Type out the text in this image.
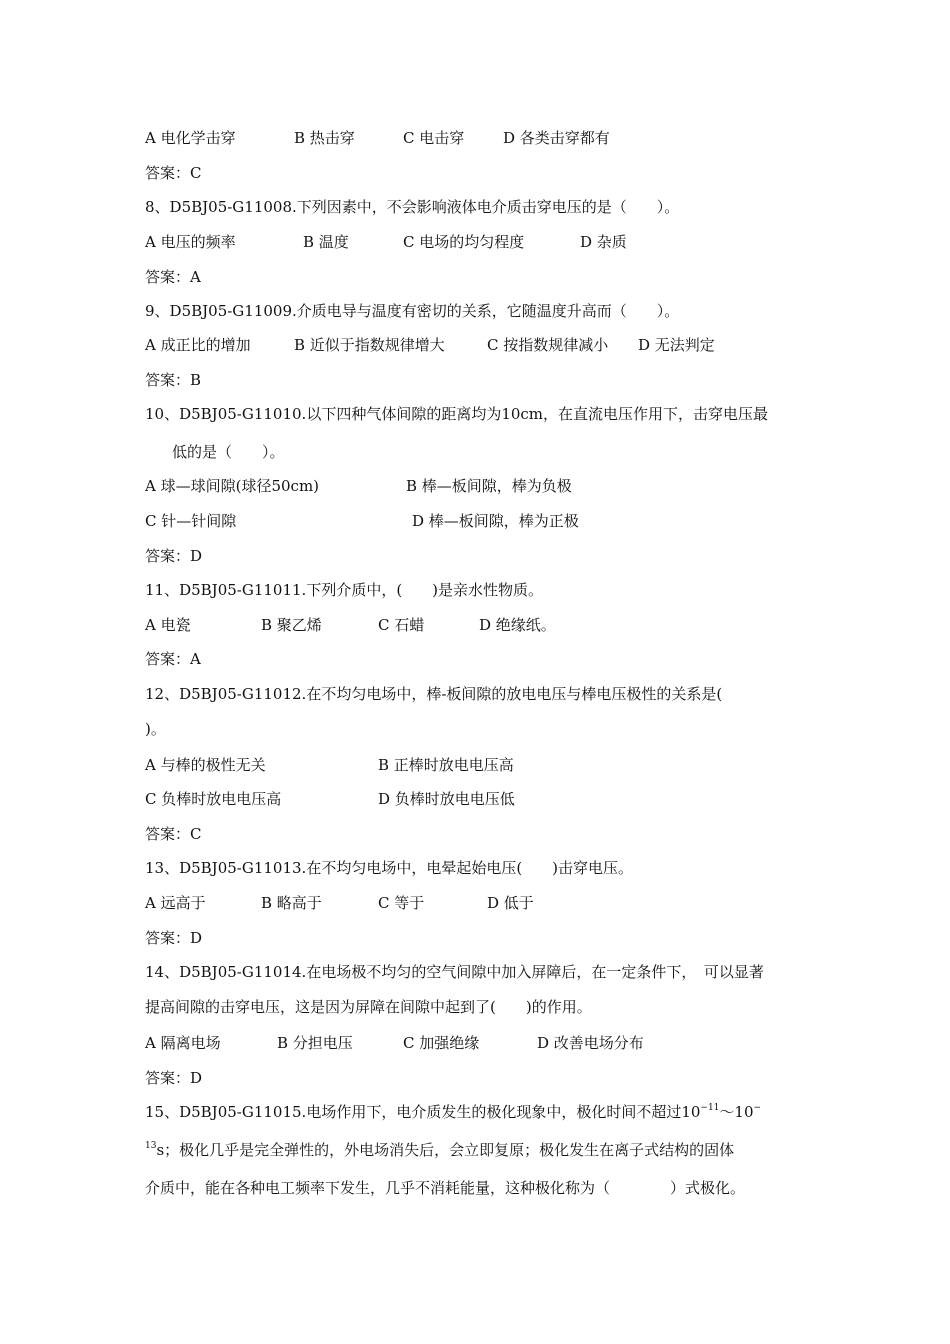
A 电化学击穿	B 热击穿	C 电击穿	D 各类击穿都有
答案：C
8、D5BJ05-G11008.下列因素中，不会影响液体电介质击穿电压的是（　　）。
A 电压的频率	B 温度	C 电场的均匀程度	D 杂质
答案：A
9、D5BJ05-G11009.介质电导与温度有密切的关系，它随温度升高而（　　）。
A 成正比的增加	B 近似于指数规律增大	C 按指数规律减小 D 无法判定
答案：B
10、D5BJ05-G11010.以下四种气体间隙的距离均为10cm，在直流电压作用下，击穿电压最
低的是（　　）。
A 球—球间隙(球径50cm)	B 棒—板间隙，棒为负极
C 针—针间隙	D 棒—板间隙，棒为正极
答案：D
11、D5BJ05-G11011.下列介质中，(　　)是亲水性物质。
A 电瓷	B 聚乙烯	C 石蜡	D 绝缘纸。
答案：A
12、D5BJ05-G11012.在不均匀电场中，棒-板间隙的放电电压与棒电压极性的关系是(
)。
A 与棒的极性无关	B 正棒时放电电压高
C 负棒时放电电压高	D 负棒时放电电压低
答案：C
13、D5BJ05-G11013.在不均匀电场中，电晕起始电压(　　)击穿电压。
A 远高于	B 略高于	C 等于	D 低于
答案：D
14、D5BJ05-G11014.在电场极不均匀的空气间隙中加入屏障后，在一定条件下，　可以显著
提高间隙的击穿电压，这是因为屏障在间隙中起到了(　　)的作用。
A 隔离电场	B 分担电压	C 加强绝缘	D 改善电场分布
答案：D
15、D5BJ05-G11015.电场作用下，电介质发生的极化现象中，极化时间不超过$10^{-11}\sim 10^-$
$^{13}$s；极化几乎是完全弹性的，外电场消失后，会立即复原；极化发生在离子式结构的固体
介质中，能在各种电工频率下发生，几乎不消耗能量，这种极化称为（　　　　）式极化。
